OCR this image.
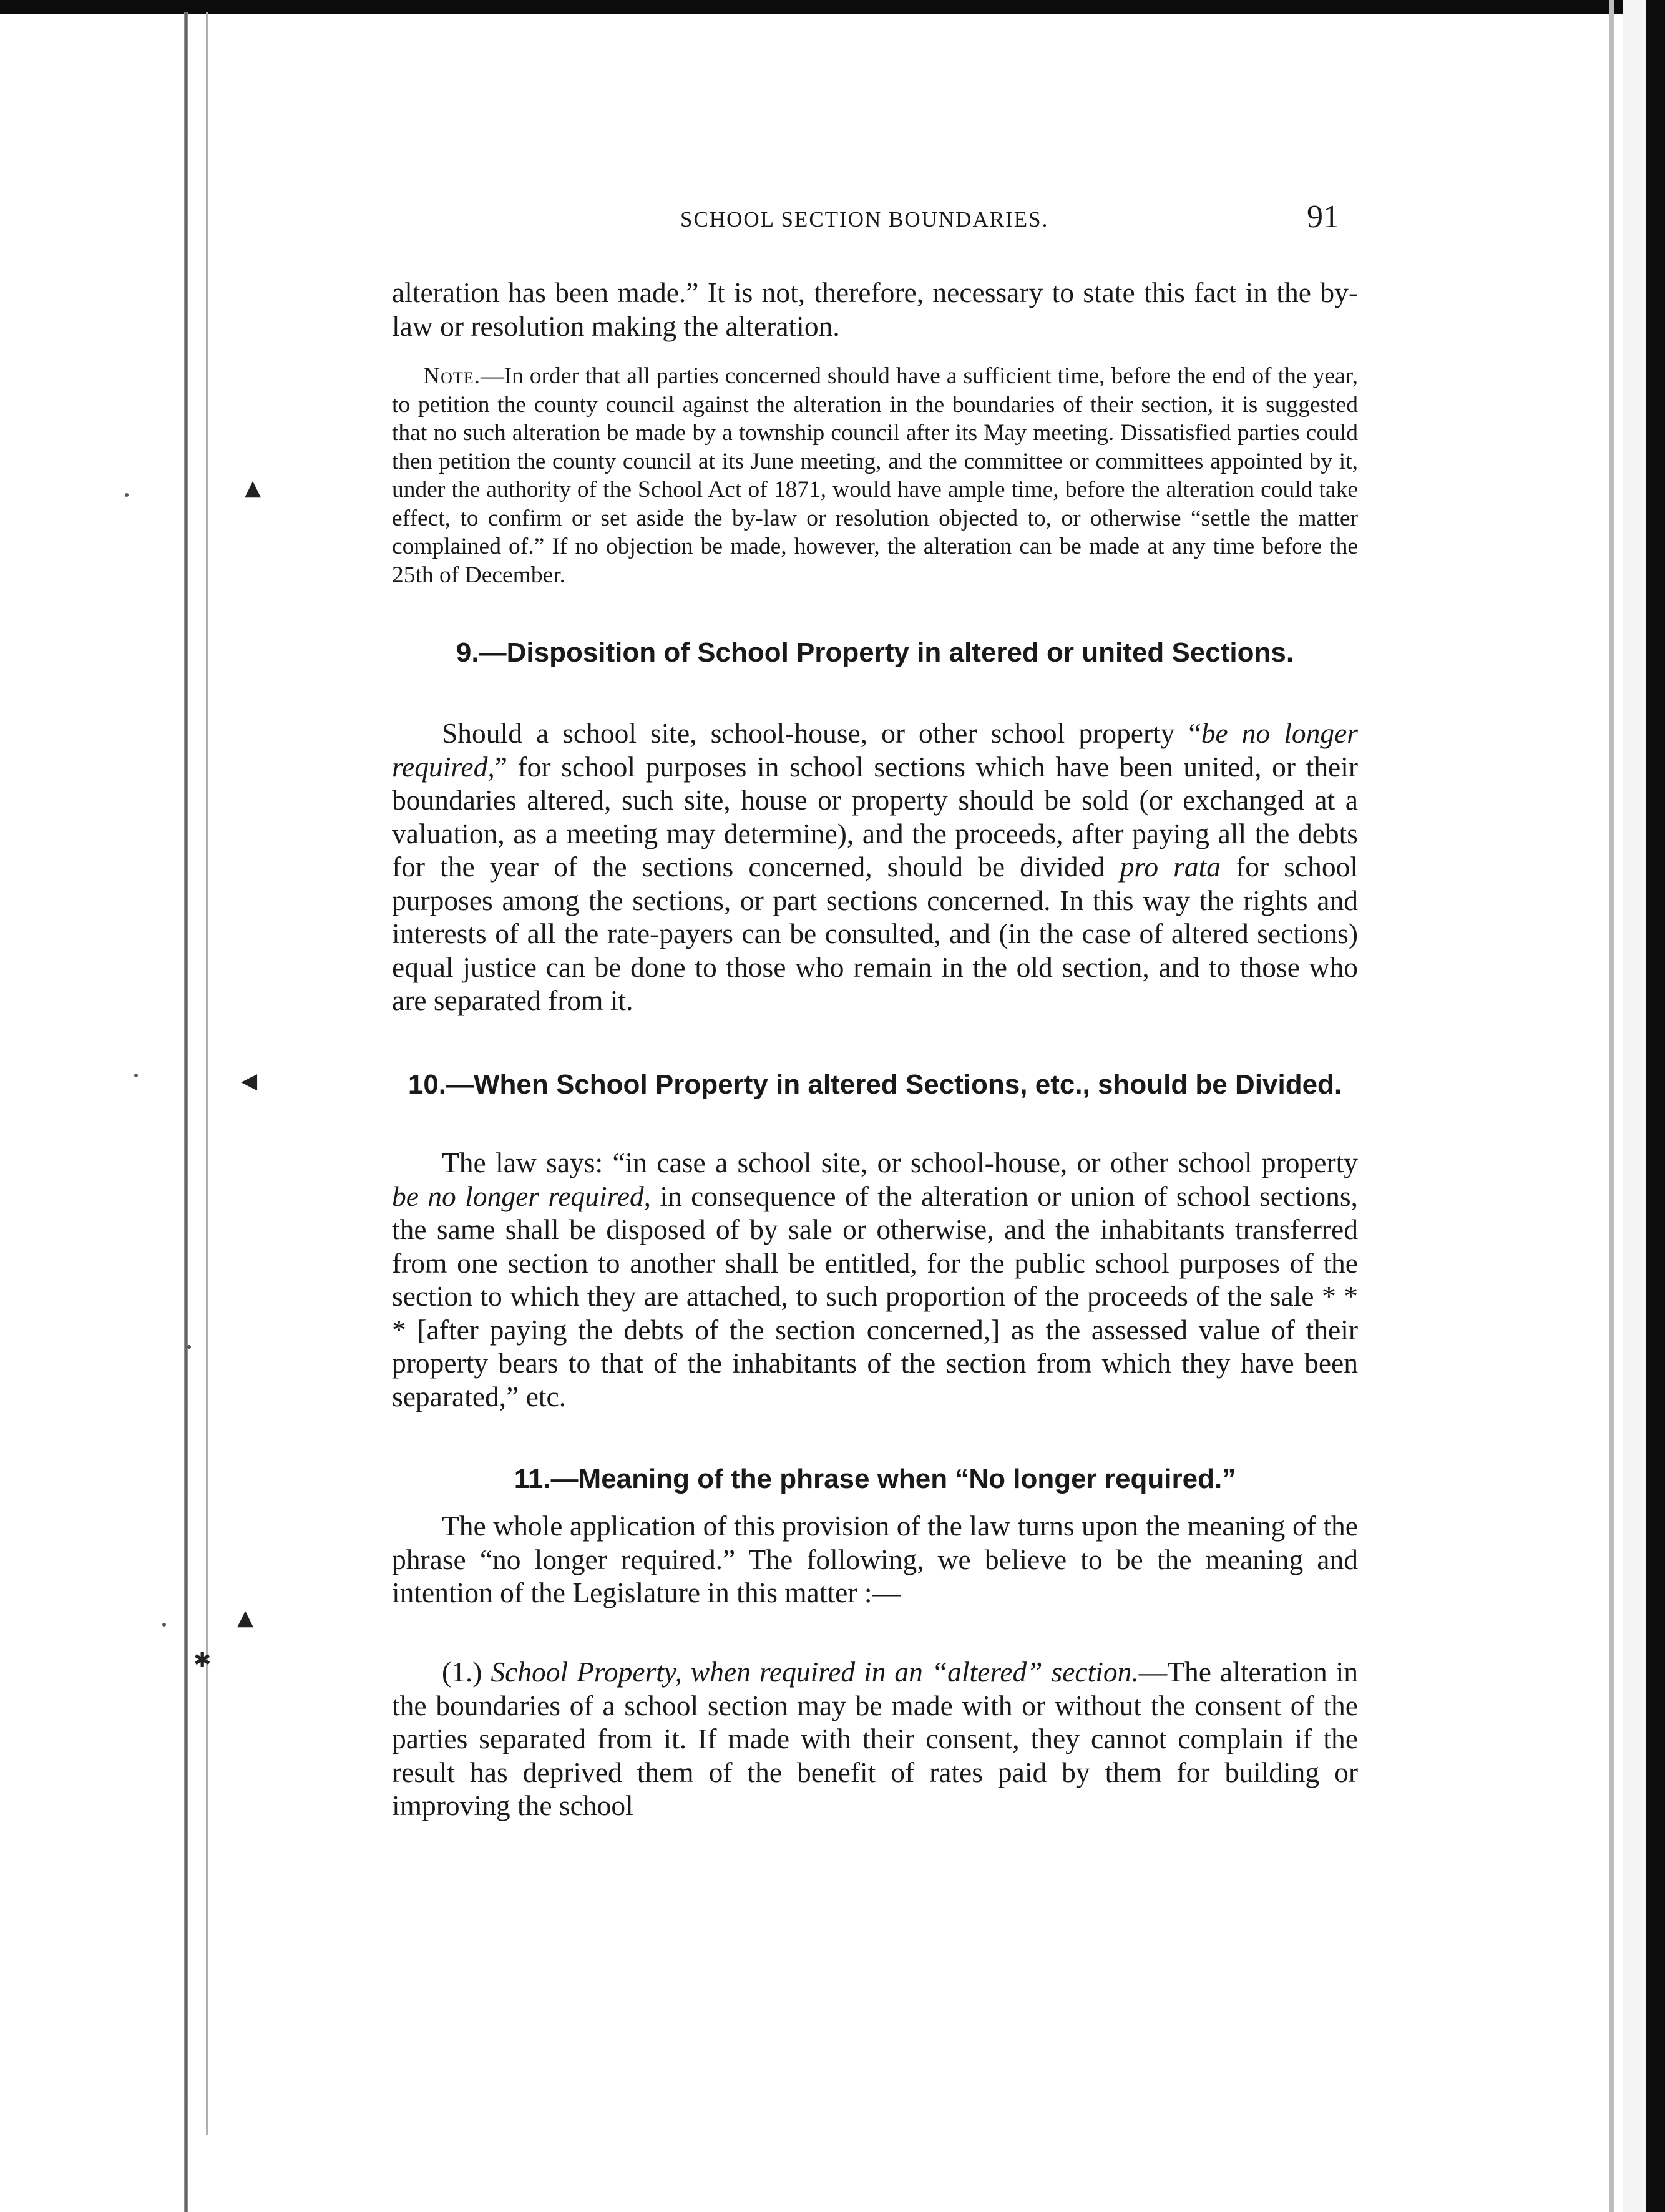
▲
◀
▲
✱
SCHOOL SECTION BOUNDARIES.	91

alteration has been made.” It is not, therefore, necessary to state this fact in the by-law or resolution making the alteration.

Note.—In order that all parties concerned should have a sufficient time, before the end of the year, to petition the county council against the alteration in the boundaries of their section, it is suggested that no such alteration be made by a township council after its May meeting. Dissatisfied parties could then petition the county council at its June meeting, and the committee or committees appointed by it, under the authority of the School Act of 1871, would have ample time, before the alteration could take effect, to confirm or set aside the by-law or resolution objected to, or otherwise “settle the matter complained of.” If no objection be made, however, the alteration can be made at any time before the 25th of December.

9.—Disposition of School Property in altered or united Sections.

Should a school site, school-house, or other school property “be no longer required,” for school purposes in school sections which have been united, or their boundaries altered, such site, house or property should be sold (or exchanged at a valuation, as a meeting may determine), and the proceeds, after paying all the debts for the year of the sections concerned, should be divided pro rata for school purposes among the sections, or part sections concerned. In this way the rights and interests of all the rate-payers can be consulted, and (in the case of altered sections) equal justice can be done to those who remain in the old section, and to those who are separated from it.

10.—When School Property in altered Sections, etc., should be Divided.

The law says: “in case a school site, or school-house, or other school property be no longer required, in consequence of the alteration or union of school sections, the same shall be disposed of by sale or otherwise, and the inhabitants transferred from one section to another shall be entitled, for the public school purposes of the section to which they are attached, to such proportion of the proceeds of the sale * * * [after paying the debts of the section concerned,] as the assessed value of their property bears to that of the inhabitants of the section from which they have been separated,” etc.

11.—Meaning of the phrase when “No longer required.”

The whole application of this provision of the law turns upon the meaning of the phrase “no longer required.” The following, we believe to be the meaning and intention of the Legislature in this matter :—

(1.) School Property, when required in an “altered” section.—The alteration in the boundaries of a school section may be made with or without the consent of the parties separated from it. If made with their consent, they cannot complain if the result has deprived them of the benefit of rates paid by them for building or improving the school
